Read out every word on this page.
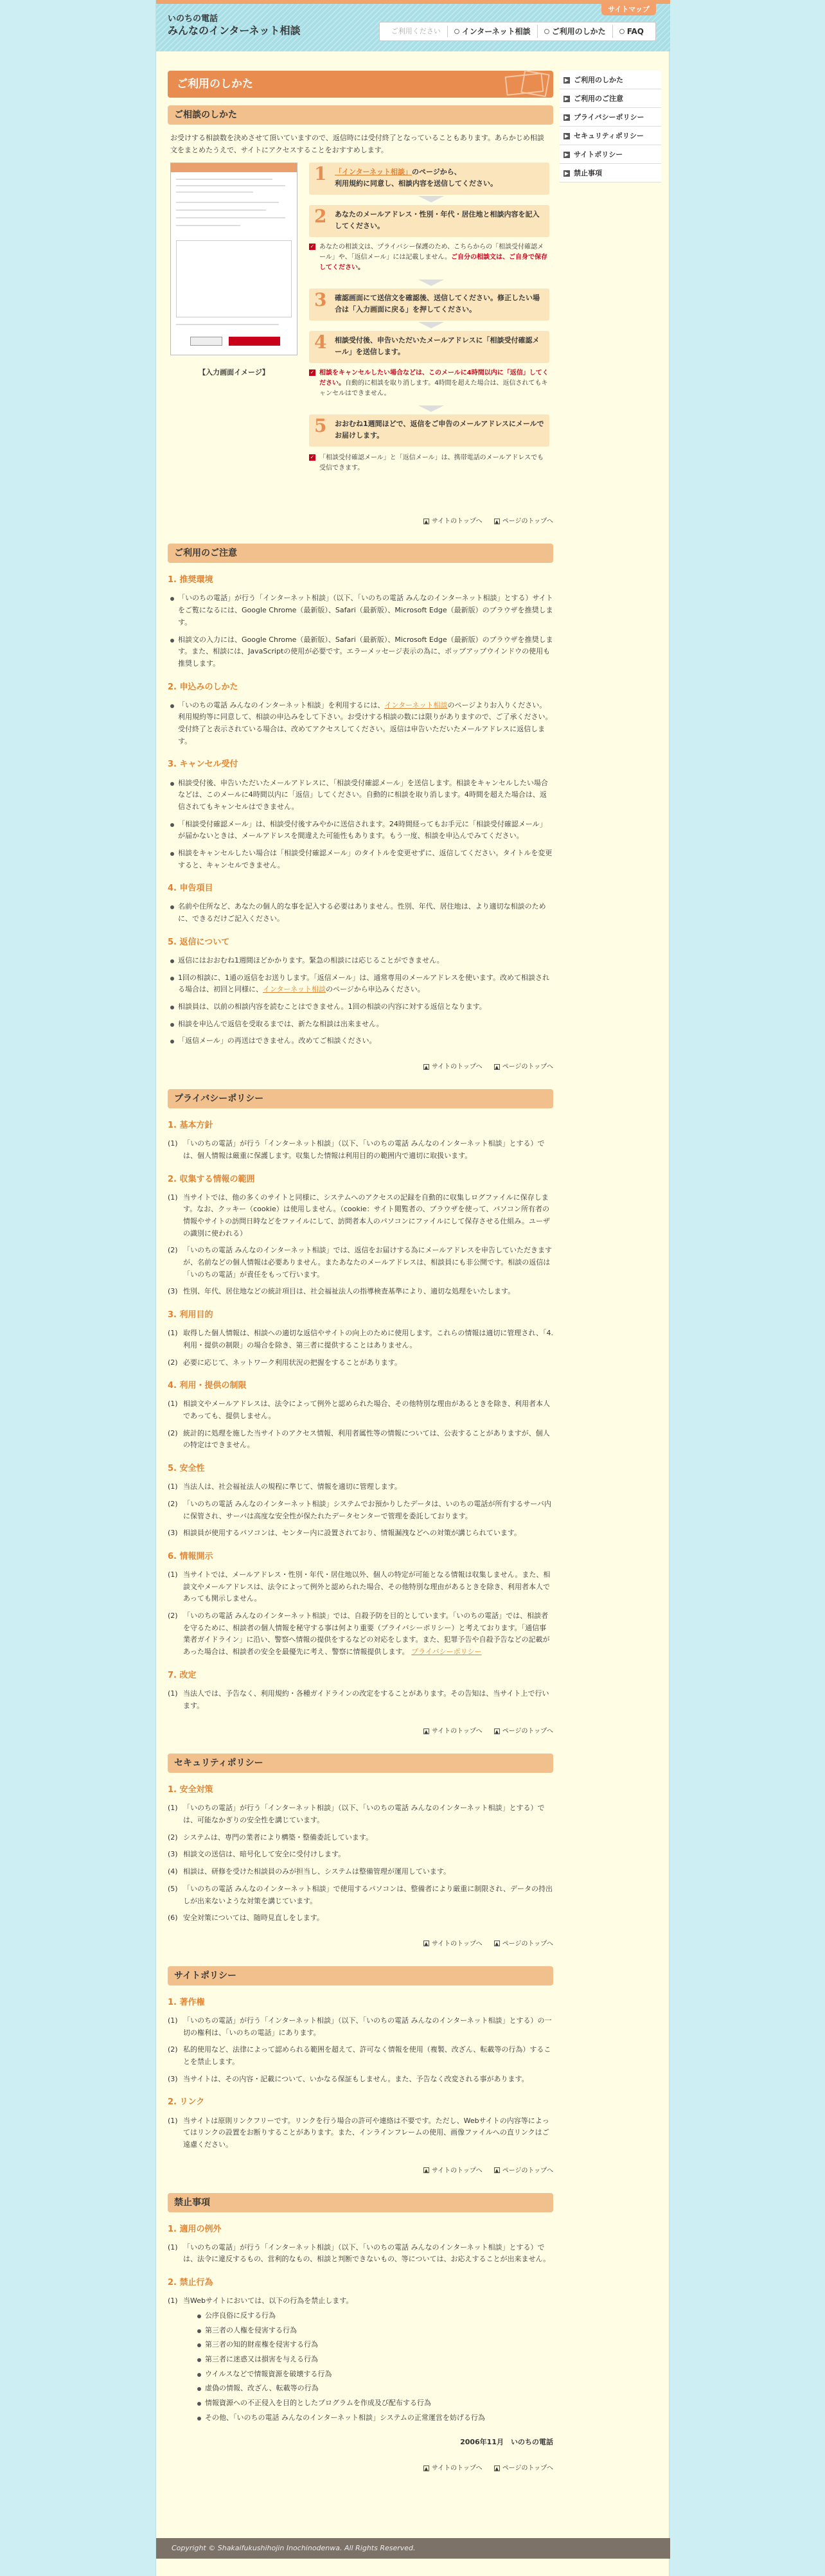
サイトマップ
いのちの電話
みんなのインターネット相談	ご利用ください	インターネット相談	ご利用のしかた	FAQ
▶ ご利用のしかた
▶ ご利用のご注意
▶ プライバシーポリシー
▶ セキュリティポリシー
▶ サイトポリシー
▶ 禁止事項
ご利用のしかた
ご相談のしかた

お受けする相談数を決めさせて頂いていますので、返信時には受付終了となっていることもあります。あらかじめ相談文をまとめたうえで、サイトにアクセスすることをおすすめします。

【入力画面イメージ】
1 「インターネット相談」のページから、
利用規約に同意し、相談内容を送信してください。
2 あなたのメールアドレス・性別・年代・居住地と相談内容を記入してください。
✓ あなたの相談文は、プライバシー保護のため、こちらからの「相談受付確認メール」や、「返信メール」には記載しません。ご自分の相談文は、ご自身で保存してください。
3 確認画面にて送信文を確認後、送信してください。修正したい場合は「入力画面に戻る」を押してください。
4 相談受付後、申告いただいたメールアドレスに「相談受付確認メール」を送信します。
✓ 相談をキャンセルしたい場合などは、このメールに4時間以内に「返信」してください。自動的に相談を取り消します。4時間を超えた場合は、返信されてもキャンセルはできません。
5 おおむね1週間ほどで、返信をご申告のメールアドレスにメールでお届けします。
✓ 「相談受付確認メール」と「返信メール」は、携帯電話のメールアドレスでも受信できます。
▲ サイトのトップへ	▲ ページのトップへ
ご利用のご注意
1. 推奨環境
「いのちの電話」が行う「インターネット相談」（以下、「いのちの電話 みんなのインターネット相談」とする）サイトをご覧になるには、Google Chrome（最新版）、Safari（最新版）、Microsoft Edge（最新版）のブラウザを推奨します。
相談文の入力には、Google Chrome（最新版）、Safari（最新版）、Microsoft Edge（最新版）のブラウザを推奨します。また、相談には、JavaScriptの使用が必要です。エラーメッセージ表示の為に、ポップアップウインドウの使用も推奨します。
2. 申込みのしかた
「いのちの電話 みんなのインターネット相談」を利用するには、インターネット相談のページよりお入りください。利用規約等に同意して、相談の申込みをして下さい。お受けする相談の数には限りがありますので、ご了承ください。受付終了と表示されている場合は、改めてアクセスしてください。返信は申告いただいたメールアドレスに返信します。
3. キャンセル受付
相談受付後、申告いただいたメールアドレスに、「相談受付確認メール」を送信します。相談をキャンセルしたい場合などは、このメールに4時間以内に「返信」してください。自動的に相談を取り消します。4時間を超えた場合は、返信されてもキャンセルはできません。
「相談受付確認メール」は、相談受付後すみやかに送信されます。24時間経ってもお手元に「相談受付確認メール」が届かないときは、メールアドレスを間違えた可能性もあります。もう一度、相談を申込んでみてください。
相談をキャンセルしたい場合は「相談受付確認メール」のタイトルを変更せずに、返信してください。タイトルを変更すると、キャンセルできません。
4. 申告項目
名前や住所など、あなたの個人的な事を記入する必要はありません。性別、年代、居住地は、より適切な相談のために、できるだけご記入ください。
5. 返信について
返信にはおおむね1週間ほどかかります。緊急の相談には応じることができません。
1回の相談に、1通の返信をお送りします。「返信メール」は、通常専用のメールアドレスを使います。改めて相談される場合は、初回と同様に、インターネット相談のページから申込みください。
相談員は、以前の相談内容を読むことはできません。1回の相談の内容に対する返信となります。
相談を申込んで返信を受取るまでは、新たな相談は出来ません。
「返信メール」の再送はできません。改めてご相談ください。
▲ サイトのトップへ	▲ ページのトップへ
プライバシーポリシー
1. 基本方針
(1) 「いのちの電話」が行う「インターネット相談」（以下、「いのちの電話 みんなのインターネット相談」とする）では、個人情報は厳重に保護します。収集した情報は利用目的の範囲内で適切に取扱います。
2. 収集する情報の範囲
(1) 当サイトでは、他の多くのサイトと同様に、システムへのアクセスの記録を自動的に収集しログファイルに保存します。なお、クッキー（cookie）は使用しません。（cookie：サイト閲覧者の、ブラウザを使って、パソコン所有者の情報やサイトの訪問日時などをファイルにして、訪問者本人のパソコンにファイルにして保存させる仕組み。ユーザの識別に使われる）
(2) 「いのちの電話 みんなのインターネット相談」では、返信をお届けする為にメールアドレスを申告していただきますが、名前などの個人情報は必要ありません。またあなたのメールアドレスは、相談員にも非公開です。相談の返信は「いのちの電話」が責任をもって行います。
(3) 性別、年代、居住地などの統計項目は、社会福祉法人の指導検査基準により、適切な処理をいたします。
3. 利用目的
(1) 取得した個人情報は、相談への適切な返信やサイトの向上のために使用します。これらの情報は適切に管理され、「4. 利用・提供の制限」の場合を除き、第三者に提供することはありません。
(2) 必要に応じて、ネットワーク利用状況の把握をすることがあります。
4. 利用・提供の制限
(1) 相談文やメールアドレスは、法令によって例外と認められた場合、その他特別な理由があるときを除き、利用者本人であっても、提供しません。
(2) 統計的に処理を施した当サイトのアクセス情報、利用者属性等の情報については、公表することがありますが、個人の特定はできません。
5. 安全性
(1) 当法人は、社会福祉法人の規程に準じて、情報を適切に管理します。
(2) 「いのちの電話 みんなのインターネット相談」システムでお預かりしたデータは、いのちの電話が所有するサーバ内に保管され、サーバは高度な安全性が保たれたデータセンターで管理を委託しております。
(3) 相談員が使用するパソコンは、センター内に設置されており、情報漏洩などへの対策が講じられています。
6. 情報開示
(1) 当サイトでは、メールアドレス・性別・年代・居住地以外、個人の特定が可能となる情報は収集しません。また、相談文やメールアドレスは、法令によって例外と認められた場合、その他特別な理由があるときを除き、利用者本人であっても開示しません。
(2) 「いのちの電話 みんなのインターネット相談」では、自殺予防を目的としています。「いのちの電話」では、相談者を守るために、相談者の個人情報を秘守する事は何より重要（プライバシーポリシー）と考えております。「通信事業者ガイドライン」に沿い、警察へ情報の提供をするなどの対応をします。また、犯罪予告や自殺予告などの記載があった場合は、相談者の安全を最優先に考え、警察に情報提供します。 プライバシーポリシー
7. 改定
(1) 当法人では、予告なく、利用規約・各種ガイドラインの改定をすることがあります。その告知は、当サイト上で行います。
▲ サイトのトップへ	▲ ページのトップへ
セキュリティポリシー
1. 安全対策
(1) 「いのちの電話」が行う「インターネット相談」（以下、「いのちの電話 みんなのインターネット相談」とする）では、可能なかぎりの安全性を講じています。
(2) システムは、専門の業者により構築・整備委託しています。
(3) 相談文の送信は、暗号化して安全に受付けします。
(4) 相談は、研修を受けた相談員のみが担当し、システムは整備管理が運用しています。
(5) 「いのちの電話 みんなのインターネット相談」で使用するパソコンは、整備者により厳重に制限され、データの持出しが出来ないような対策を講じています。
(6) 安全対策については、随時見直しをします。
▲ サイトのトップへ	▲ ページのトップへ
サイトポリシー
1. 著作権
(1) 「いのちの電話」が行う「インターネット相談」（以下、「いのちの電話 みんなのインターネット相談」とする）の一切の権利は、「いのちの電話」にあります。
(2) 私的使用など、法律によって認められる範囲を超えて、許可なく情報を使用（複製、改ざん、転載等の行為）することを禁止します。
(3) 当サイトは、その内容・記載について、いかなる保証もしません。また、予告なく改変される事があります。
2. リンク
(1) 当サイトは原則リンクフリーです。リンクを行う場合の許可や連絡は不要です。ただし、Webサイトの内容等によってはリンクの設置をお断りすることがあります。また、インラインフレームの使用、画像ファイルへの直リンクはご遠慮ください。
▲ サイトのトップへ	▲ ページのトップへ
禁止事項
1. 適用の例外
(1) 「いのちの電話」が行う「インターネット相談」（以下、「いのちの電話 みんなのインターネット相談」とする）では、法令に違反するもの、営利的なもの、相談と判断できないもの、等については、お応えすることが出来ません。
2. 禁止行為
(1) 当Webサイトにおいては、以下の行為を禁止します。
公序良俗に反する行為
第三者の人権を侵害する行為
第三者の知的財産権を侵害する行為
第三者に迷惑又は損害を与える行為
ウイルスなどで情報資源を破壊する行為
虚偽の情報、改ざん、転載等の行為
情報資源への不正侵入を目的としたプログラムを作成及び配布する行為
その他、「いのちの電話 みんなのインターネット相談」システムの正常運営を妨げる行為
2006年11月　いのちの電話
▲ サイトのトップへ	▲ ページのトップへ
Copyright © Shakaifukushihojin Inochinodenwa. All Rights Reserved.
